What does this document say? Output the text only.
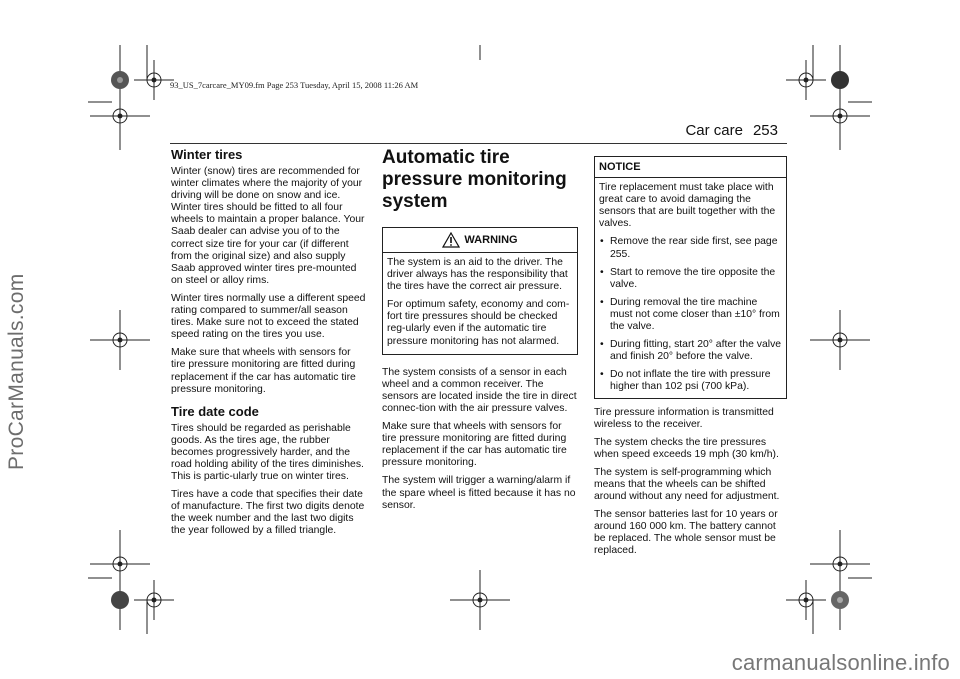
93_US_7carcare_MY09.fm Page 253 Tuesday, April 15, 2008 11:26 AM
Car care 253
ProCarManuals.com
Winter tires

Winter (snow) tires are recommended for winter climates where the majority of your driving will be done on snow and ice. Winter tires should be fitted to all four wheels to maintain a proper balance. Your Saab dealer can advise you of to the correct size tire for your car (if different from the original size) and also supply Saab approved winter tires pre-mounted on steel or alloy rims.

Winter tires normally use a different speed rating compared to summer/all season tires. Make sure not to exceed the stated speed rating on the tires you use.

Make sure that wheels with sensors for tire pressure monitoring are fitted during replacement if the car has automatic tire pressure monitoring.

Tire date code

Tires should be regarded as perishable goods. As the tires age, the rubber becomes progressively harder, and the road holding ability of the tires diminishes. This is partic-ularly true on winter tires.

Tires have a code that specifies their date of manufacture. The first two digits denote the week number and the last two digits the year followed by a filled triangle.

Automatic tire pressure monitoring system
WARNING

The system is an aid to the driver. The driver always has the responsibility that the tires have the correct air pressure.

For optimum safety, economy and com-fort tire pressures should be checked reg-ularly even if the automatic tire pressure monitoring has not alarmed.

The system consists of a sensor in each wheel and a common receiver. The sensors are located inside the tire in direct connec-tion with the air pressure valves.

Make sure that wheels with sensors for tire pressure monitoring are fitted during replacement if the car has automatic tire pressure monitoring.

The system will trigger a warning/alarm if the spare wheel is fitted because it has no sensor.

NOTICE

Tire replacement must take place with great care to avoid damaging the sensors that are built together with the valves.

• Remove the rear side first, see page 255.
• Start to remove the tire opposite the valve.
• During removal the tire machine must not come closer than ±10° from the valve.
• During fitting, start 20° after the valve and finish 20° before the valve.
• Do not inflate the tire with pressure higher than 102 psi (700 kPa).

Tire pressure information is transmitted wireless to the receiver.

The system checks the tire pressures when speed exceeds 19 mph (30 km/h).

The system is self-programming which means that the wheels can be shifted around without any need for adjustment.

The sensor batteries last for 10 years or around 160 000 km. The battery cannot be replaced. The whole sensor must be replaced.

carmanualsonline.info
